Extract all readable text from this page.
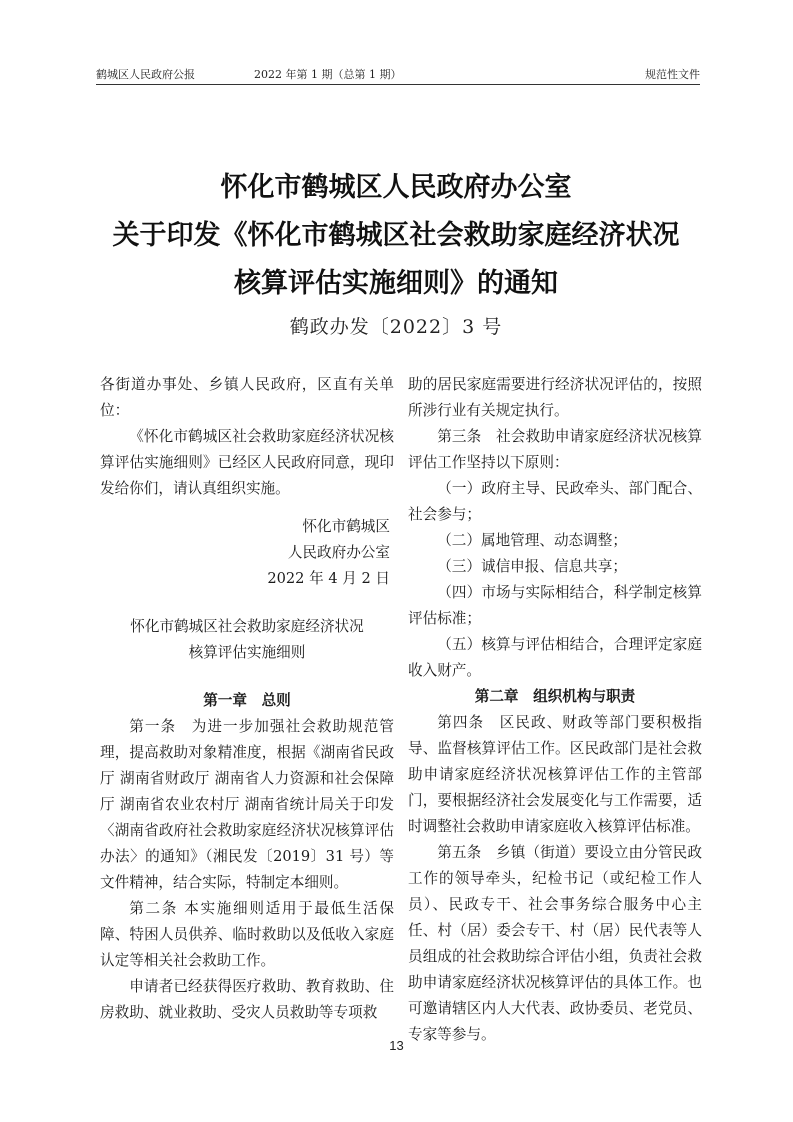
鹤城区人民政府公报	2022 年第 1 期（总第 1 期）	规范性文件
怀化市鹤城区人民政府办公室
关于印发《怀化市鹤城区社会救助家庭经济状况
核算评估实施细则》的通知
鹤政办发〔2022〕3 号

各街道办事处、乡镇人民政府，区直有关单位：

《怀化市鹤城区社会救助家庭经济状况核算评估实施细则》已经区人民政府同意，现印发给你们，请认真组织实施。

怀化市鹤城区

人民政府办公室

2022 年 4 月 2 日

怀化市鹤城区社会救助家庭经济状况

核算评估实施细则

第一章　总则

第一条　为进一步加强社会救助规范管理，提高救助对象精准度，根据《湖南省民政厅 湖南省财政厅 湖南省人力资源和社会保障厅 湖南省农业农村厅 湖南省统计局关于印发〈湖南省政府社会救助家庭经济状况核算评估办法〉的通知》（湘民发〔2019〕31 号）等文件精神，结合实际，特制定本细则。

第二条 本实施细则适用于最低生活保障、特困人员供养、临时救助以及低收入家庭认定等相关社会救助工作。

申请者已经获得医疗救助、教育救助、住房救助、就业救助、受灾人员救助等专项救

助的居民家庭需要进行经济状况评估的，按照所涉行业有关规定执行。

第三条　社会救助申请家庭经济状况核算评估工作坚持以下原则：

（一）政府主导、民政牵头、部门配合、社会参与；

（二）属地管理、动态调整；

（三）诚信申报、信息共享；

（四）市场与实际相结合，科学制定核算评估标准；

（五）核算与评估相结合，合理评定家庭收入财产。

第二章　组织机构与职责

第四条　区民政、财政等部门要积极指导、监督核算评估工作。区民政部门是社会救助申请家庭经济状况核算评估工作的主管部门，要根据经济社会发展变化与工作需要，适时调整社会救助申请家庭收入核算评估标准。

第五条　乡镇（街道）要设立由分管民政工作的领导牵头，纪检书记（或纪检工作人员）、民政专干、社会事务综合服务中心主任、村（居）委会专干、村（居）民代表等人员组成的社会救助综合评估小组，负责社会救助申请家庭经济状况核算评估的具体工作。也可邀请辖区内人大代表、政协委员、老党员、专家等参与。

13
